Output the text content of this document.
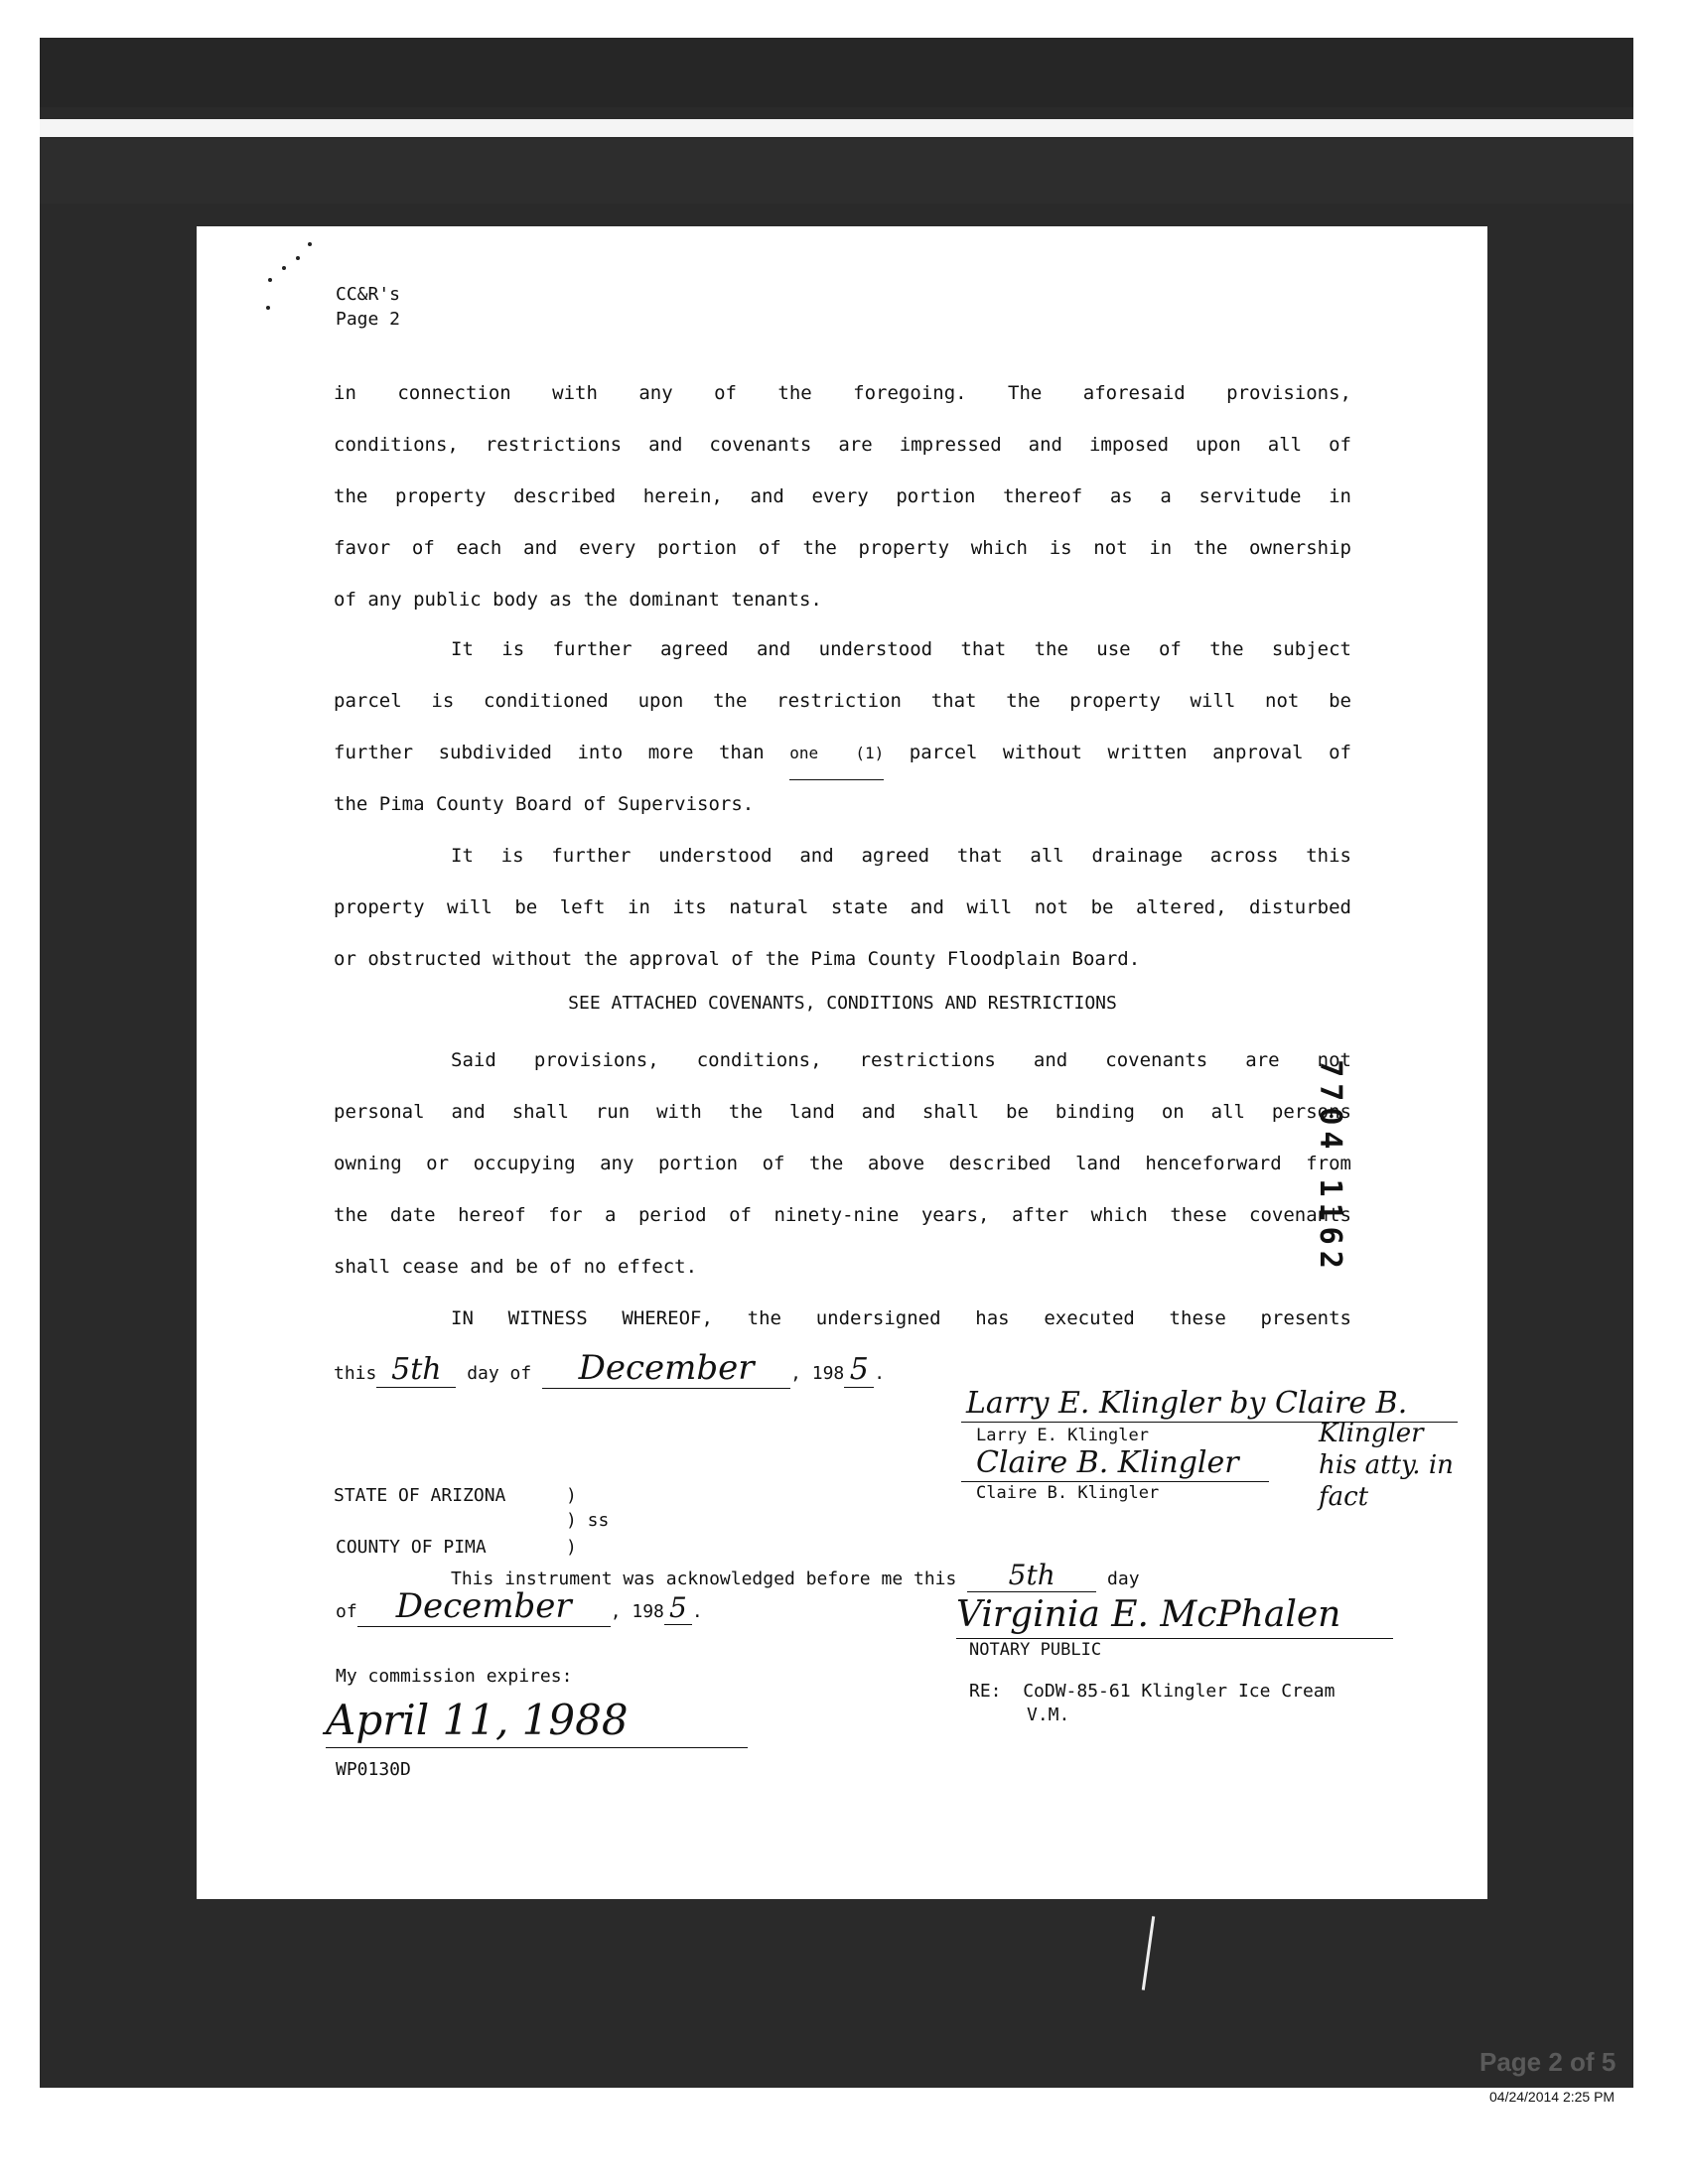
CC&R's
Page 2
in connection with any of the foregoing. The aforesaid provisions,
conditions, restrictions and covenants are impressed and imposed upon all of
the property described herein, and every portion thereof as a servitude in
favor of each and every portion of the property which is not in the ownership
of any public body as the dominant tenants.
It is further agreed and understood that the use of the subject
parcel is conditioned upon the restriction that the property will not be
further subdivided into more than one (1) parcel without written anproval of
the Pima County Board of Supervisors.
It is further understood and agreed that all drainage across this
property will be left in its natural state and will not be altered, disturbed
or obstructed without the approval of the Pima County Floodplain Board.
SEE ATTACHED COVENANTS, CONDITIONS AND RESTRICTIONS
Said provisions, conditions, restrictions and covenants are not
personal and shall run with the land and shall be binding on all persons
owning or occupying any portion of the above described land henceforward from
the date hereof for a period of ninety-nine years, after which these covenants
shall cease and be of no effect.
IN WITNESS WHEREOF, the undersigned has executed these presents
this 5th day of December , 198 5 .
Larry E. Klingler by Claire B.
Larry E. Klingler
Claire B. Klingler
Claire B. Klingler
Klingler his atty. in fact
STATE OF ARIZONA	)
) ss
COUNTY OF PIMA	)
This instrument was acknowledged before me this 5th	day
of December , 198 5 .	Virginia E. McPhalen
NOTARY PUBLIC
My commission expires:
April 11, 1988
WP0130D
RE: CoDW-85-61 Klingler Ice Cream
V.M.
7704 1162
Page 2 of 5
04/24/2014 2:25 PM
